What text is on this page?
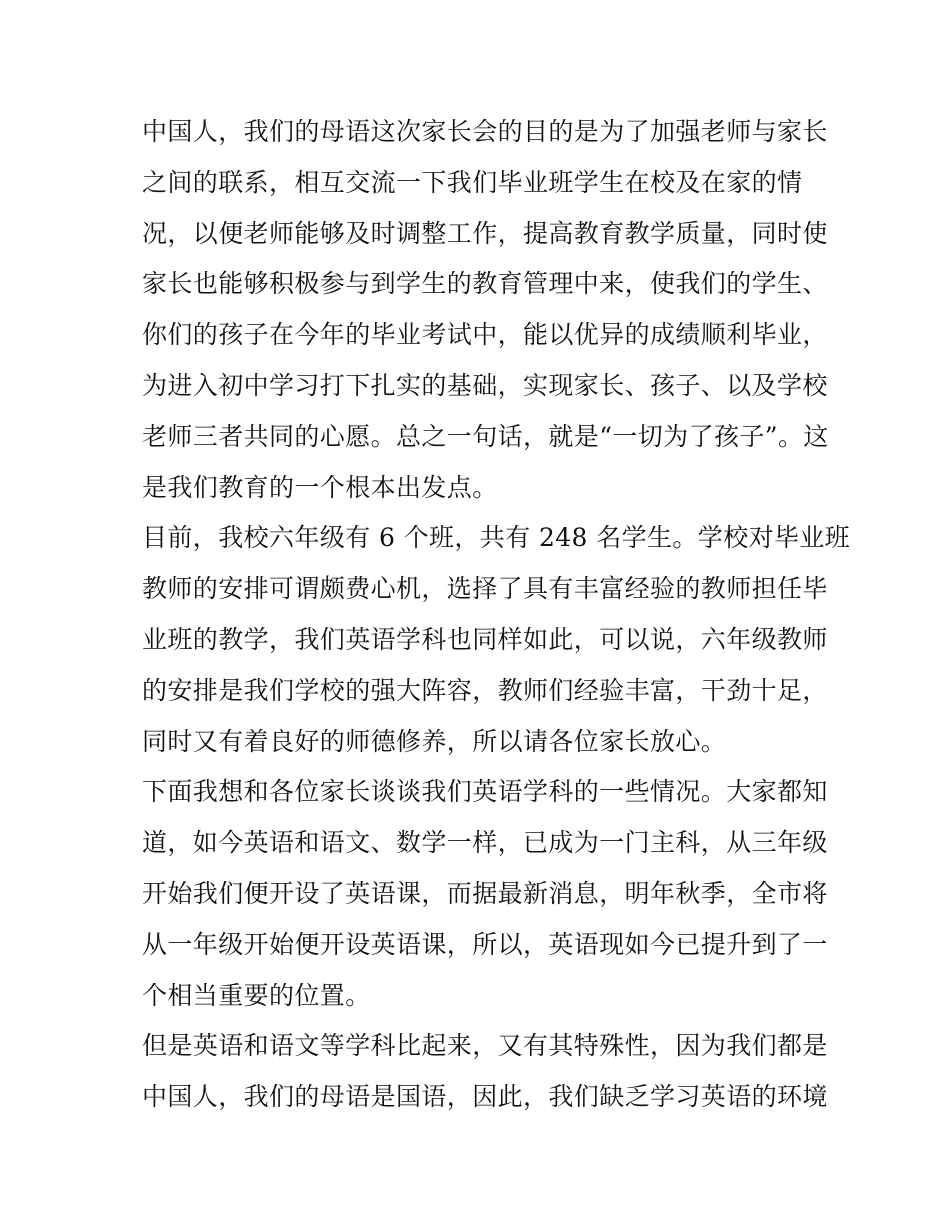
中国人，我们的母语这次家长会的目的是为了加强老师与家长
之间的联系，相互交流一下我们毕业班学生在校及在家的情
况，以便老师能够及时调整工作，提高教育教学质量，同时使
家长也能够积极参与到学生的教育管理中来，使我们的学生、
你们的孩子在今年的毕业考试中，能以优异的成绩顺利毕业，
为进入初中学习打下扎实的基础，实现家长、孩子、以及学校
老师三者共同的心愿。总之一句话，就是“一切为了孩子”。这
是我们教育的一个根本出发点。
目前，我校六年级有 6 个班，共有 248 名学生。学校对毕业班
教师的安排可谓颇费心机，选择了具有丰富经验的教师担任毕
业班的教学，我们英语学科也同样如此，可以说，六年级教师
的安排是我们学校的强大阵容，教师们经验丰富，干劲十足，
同时又有着良好的师德修养，所以请各位家长放心。
下面我想和各位家长谈谈我们英语学科的一些情况。大家都知
道，如今英语和语文、数学一样，已成为一门主科，从三年级
开始我们便开设了英语课，而据最新消息，明年秋季，全市将
从一年级开始便开设英语课，所以，英语现如今已提升到了一
个相当重要的位置。
但是英语和语文等学科比起来，又有其特殊性，因为我们都是
中国人，我们的母语是国语，因此，我们缺乏学习英语的环境
